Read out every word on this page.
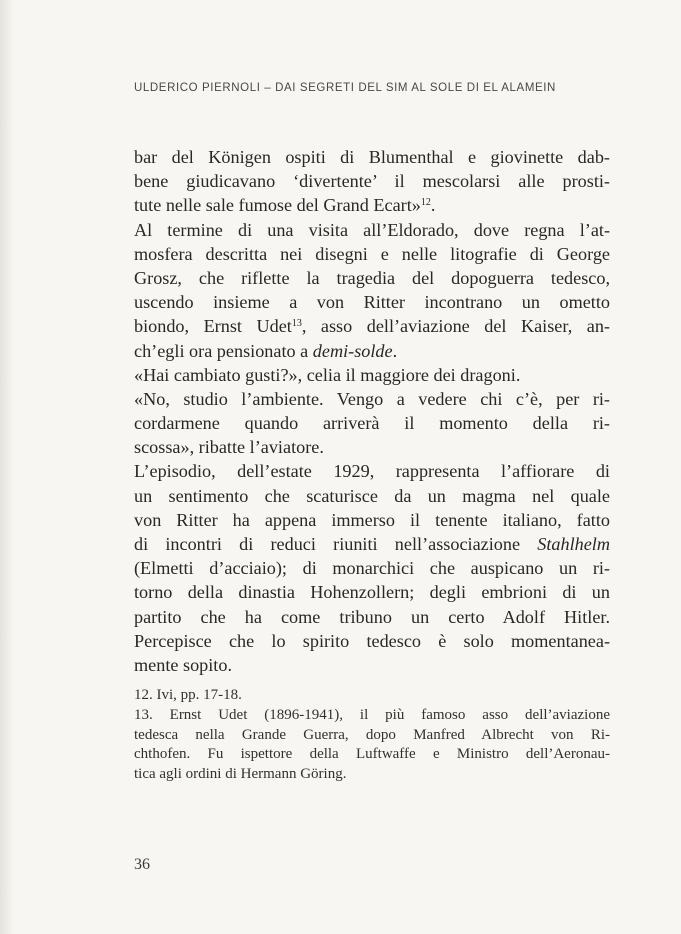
ULDERICO PIERNOLI – DAI SEGRETI DEL SIM AL SOLE DI EL ALAMEIN
bar del Königen ospiti di Blumenthal e giovinette dab-
bene giudicavano ‘divertente’ il mescolarsi alle prosti-
tute nelle sale fumose del Grand Ecart»$^{12}$.
Al termine di una visita all’Eldorado, dove regna l’at-
mosfera descritta nei disegni e nelle litografie di George
Grosz, che riflette la tragedia del dopoguerra tedesco,
uscendo insieme a von Ritter incontrano un ometto
biondo, Ernst Udet$^{13}$, asso dell’aviazione del Kaiser, an-
ch’egli ora pensionato a demi-solde.
«Hai cambiato gusti?», celia il maggiore dei dragoni.
«No, studio l’ambiente. Vengo a vedere chi c’è, per ri-
cordarmene quando arriverà il momento della ri-
scossa», ribatte l’aviatore.
L’episodio, dell’estate 1929, rappresenta l’affiorare di
un sentimento che scaturisce da un magma nel quale
von Ritter ha appena immerso il tenente italiano, fatto
di incontri di reduci riuniti nell’associazione Stahlhelm
(Elmetti d’acciaio); di monarchici che auspicano un ri-
torno della dinastia Hohenzollern; degli embrioni di un
partito che ha come tribuno un certo Adolf Hitler.
Percepisce che lo spirito tedesco è solo momentanea-
mente sopito.
12. Ivi, pp. 17-18.
13. Ernst Udet (1896-1941), il più famoso asso dell’aviazione
tedesca nella Grande Guerra, dopo Manfred Albrecht von Ri-
chthofen. Fu ispettore della Luftwaffe e Ministro dell’Aeronau-
tica agli ordini di Hermann Göring.
36
